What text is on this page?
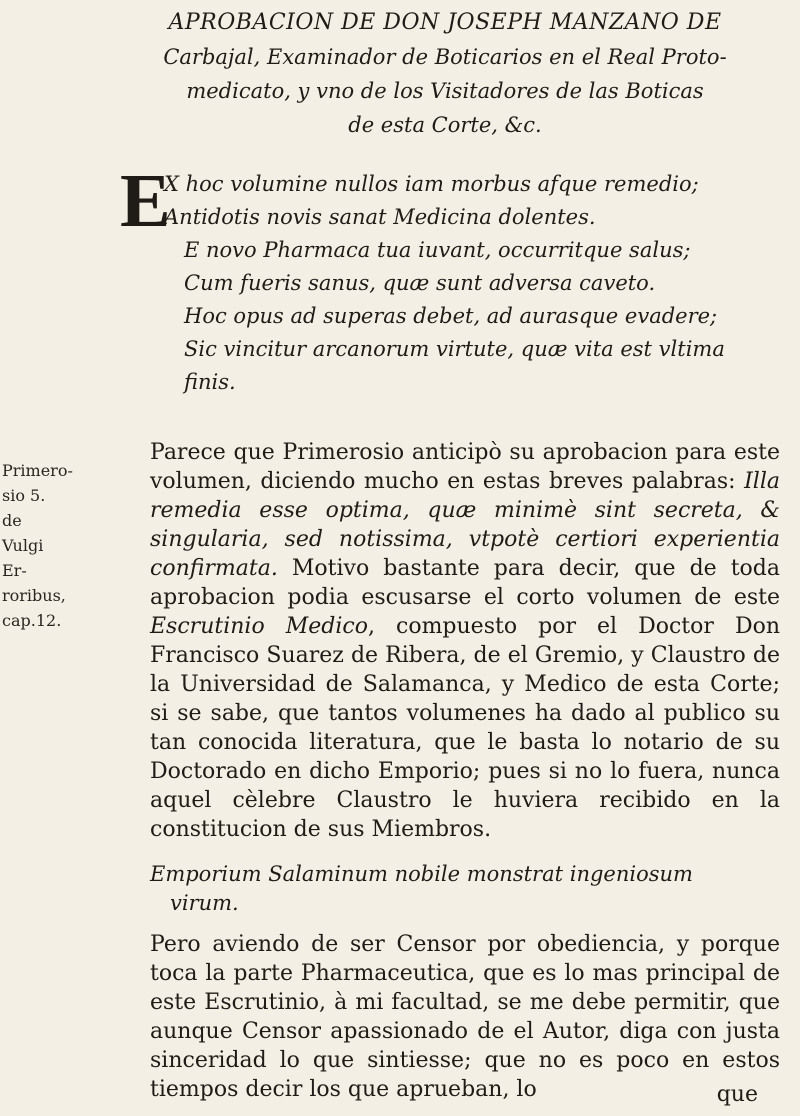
APROBACION DE DON JOSEPH MANZANO DE
Carbajal, Examinador de Boticarios en el Real Proto-
medicato, y vno de los Visitadores de las Boticas
de esta Corte, &c.
E
X hoc volumine nullos iam morbus afque remedio;
Antidotis novis sanat Medicina dolentes.
E novo Pharmaca tua iuvant, occurritque salus;
Cum fueris sanus, quæ sunt adversa caveto.
Hoc opus ad superas debet, ad aurasque evadere;
Sic vincitur arcanorum virtute, quæ vita est vltima
finis.
Primero-
sio 5. de
Vulgi Er-
roribus,
cap.12.

Parece que Primerosio anticipò su aprobacion para este volumen, diciendo mucho en estas breves palabras: Illa remedia esse optima, quæ minimè sint secreta, & singularia, sed notissima, vtpotè certiori experientia confirmata. Motivo bastante para decir, que de toda aprobacion podia escusarse el corto volumen de este Escrutinio Medico, compuesto por el Doctor Don Francisco Suarez de Ribera, de el Gremio, y Claustro de la Universidad de Salamanca, y Medico de esta Corte; si se sabe, que tantos volumenes ha dado al publico su tan conocida literatura, que le basta lo notario de su Doctorado en dicho Emporio; pues si no lo fuera, nunca aquel cèlebre Claustro le huviera recibido en la constitucion de sus Miembros.

Emporium Salaminum nobile monstrat ingeniosum
virum.

Pero aviendo de ser Censor por obediencia, y porque toca la parte Pharmaceutica, que es lo mas principal de este Escrutinio, à mi facultad, se me debe permitir, que aunque Censor apassionado de el Autor, diga con justa sinceridad lo que sintiesse; que no es poco en estos tiempos decir los que aprueban, lo	que
